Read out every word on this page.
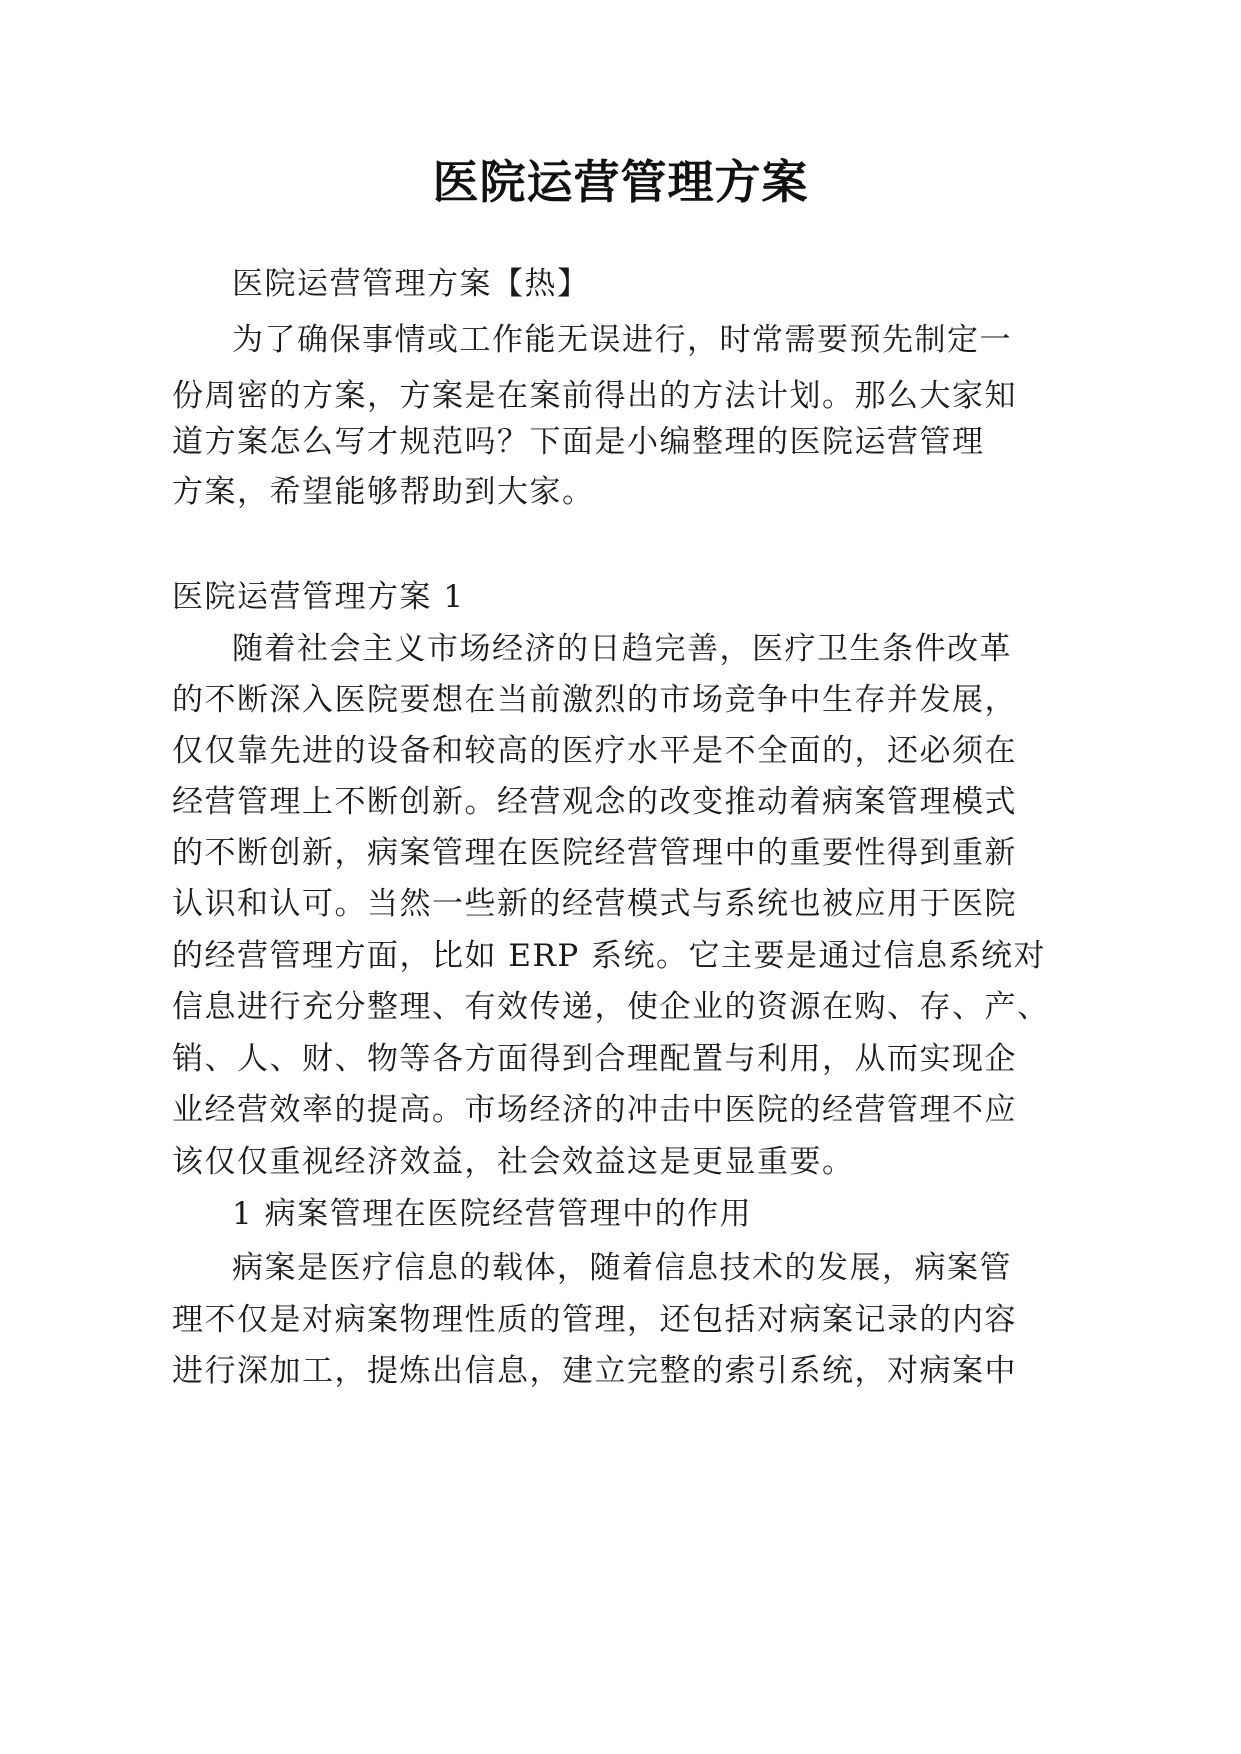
医院运营管理方案
医院运营管理方案【热】
为了确保事情或工作能无误进行，时常需要预先制定一
份周密的方案，方案是在案前得出的方法计划。那么大家知
道方案怎么写才规范吗？下面是小编整理的医院运营管理
方案，希望能够帮助到大家。
医院运营管理方案 1
随着社会主义市场经济的日趋完善，医疗卫生条件改革
的不断深入医院要想在当前激烈的市场竞争中生存并发展，
仅仅靠先进的设备和较高的医疗水平是不全面的，还必须在
经营管理上不断创新。经营观念的改变推动着病案管理模式
的不断创新，病案管理在医院经营管理中的重要性得到重新
认识和认可。当然一些新的经营模式与系统也被应用于医院
的经营管理方面，比如 ERP 系统。它主要是通过信息系统对
信息进行充分整理、有效传递，使企业的资源在购、存、产、
销、人、财、物等各方面得到合理配置与利用，从而实现企
业经营效率的提高。市场经济的冲击中医院的经营管理不应
该仅仅重视经济效益，社会效益这是更显重要。
1 病案管理在医院经营管理中的作用
病案是医疗信息的载体，随着信息技术的发展，病案管
理不仅是对病案物理性质的管理，还包括对病案记录的内容
进行深加工，提炼出信息，建立完整的索引系统，对病案中
